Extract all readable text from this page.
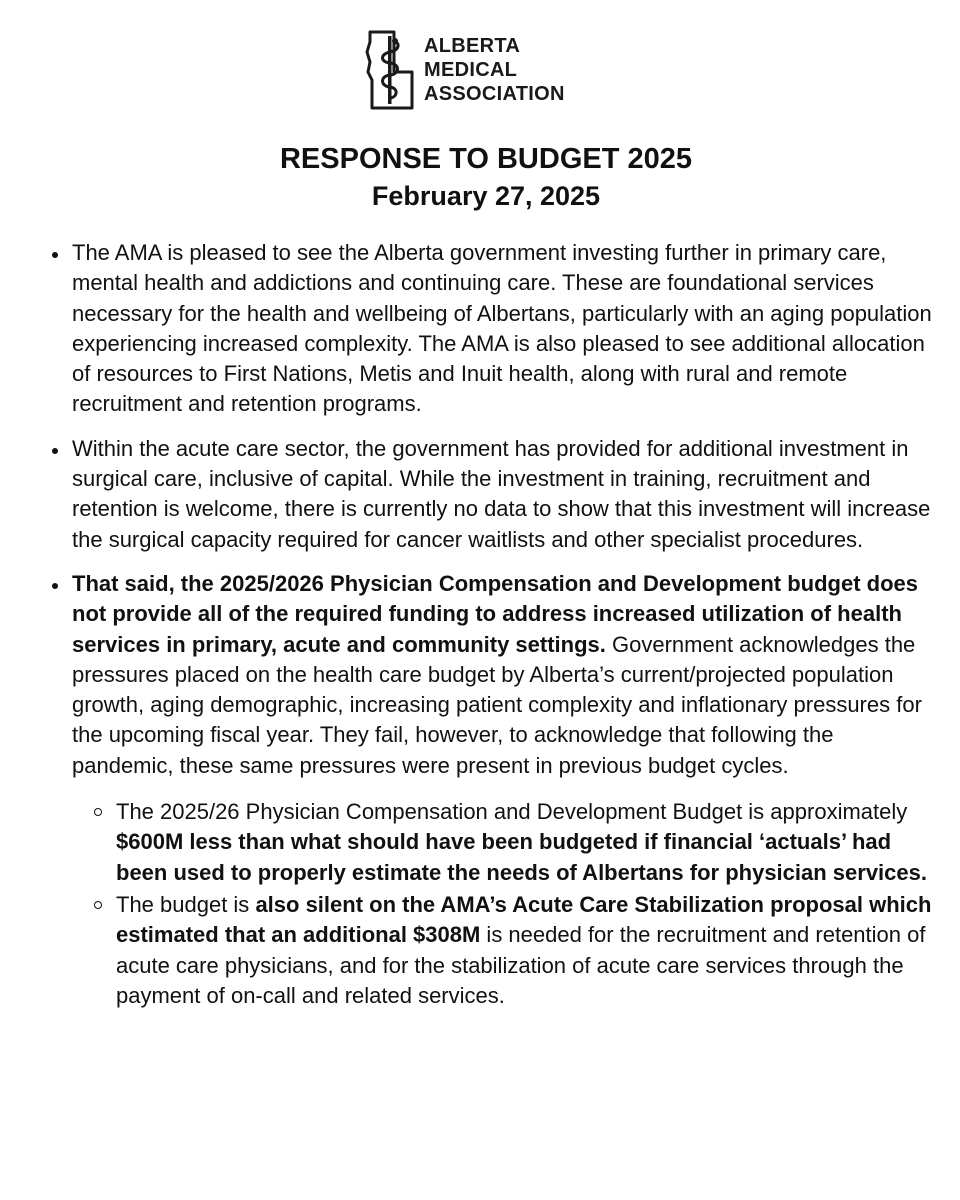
ALBERTA
MEDICAL
ASSOCIATION
RESPONSE TO BUDGET 2025
February 27, 2025
The AMA is pleased to see the Alberta government investing further in primary care, mental health and addictions and continuing care. These are foundational services necessary for the health and wellbeing of Albertans, particularly with an aging population experiencing increased complexity. The AMA is also pleased to see additional allocation of resources to First Nations, Metis and Inuit health, along with rural and remote recruitment and retention programs.
Within the acute care sector, the government has provided for additional investment in surgical care, inclusive of capital. While the investment in training, recruitment and retention is welcome, there is currently no data to show that this investment will increase the surgical capacity required for cancer waitlists and other specialist procedures.
That said, the 2025/2026 Physician Compensation and Development budget does not provide all of the required funding to address increased utilization of health services in primary, acute and community settings. Government acknowledges the pressures placed on the health care budget by Alberta’s current/projected population growth, aging demographic, increasing patient complexity and inflationary pressures for the upcoming fiscal year. They fail, however, to acknowledge that following the pandemic, these same pressures were present in previous budget cycles.
The 2025/26 Physician Compensation and Development Budget is approximately $600M less than what should have been budgeted if financial ‘actuals’ had been used to properly estimate the needs of Albertans for physician services.
The budget is also silent on the AMA’s Acute Care Stabilization proposal which estimated that an additional $308M is needed for the recruitment and retention of acute care physicians, and for the stabilization of acute care services through the payment of on-call and related services.
